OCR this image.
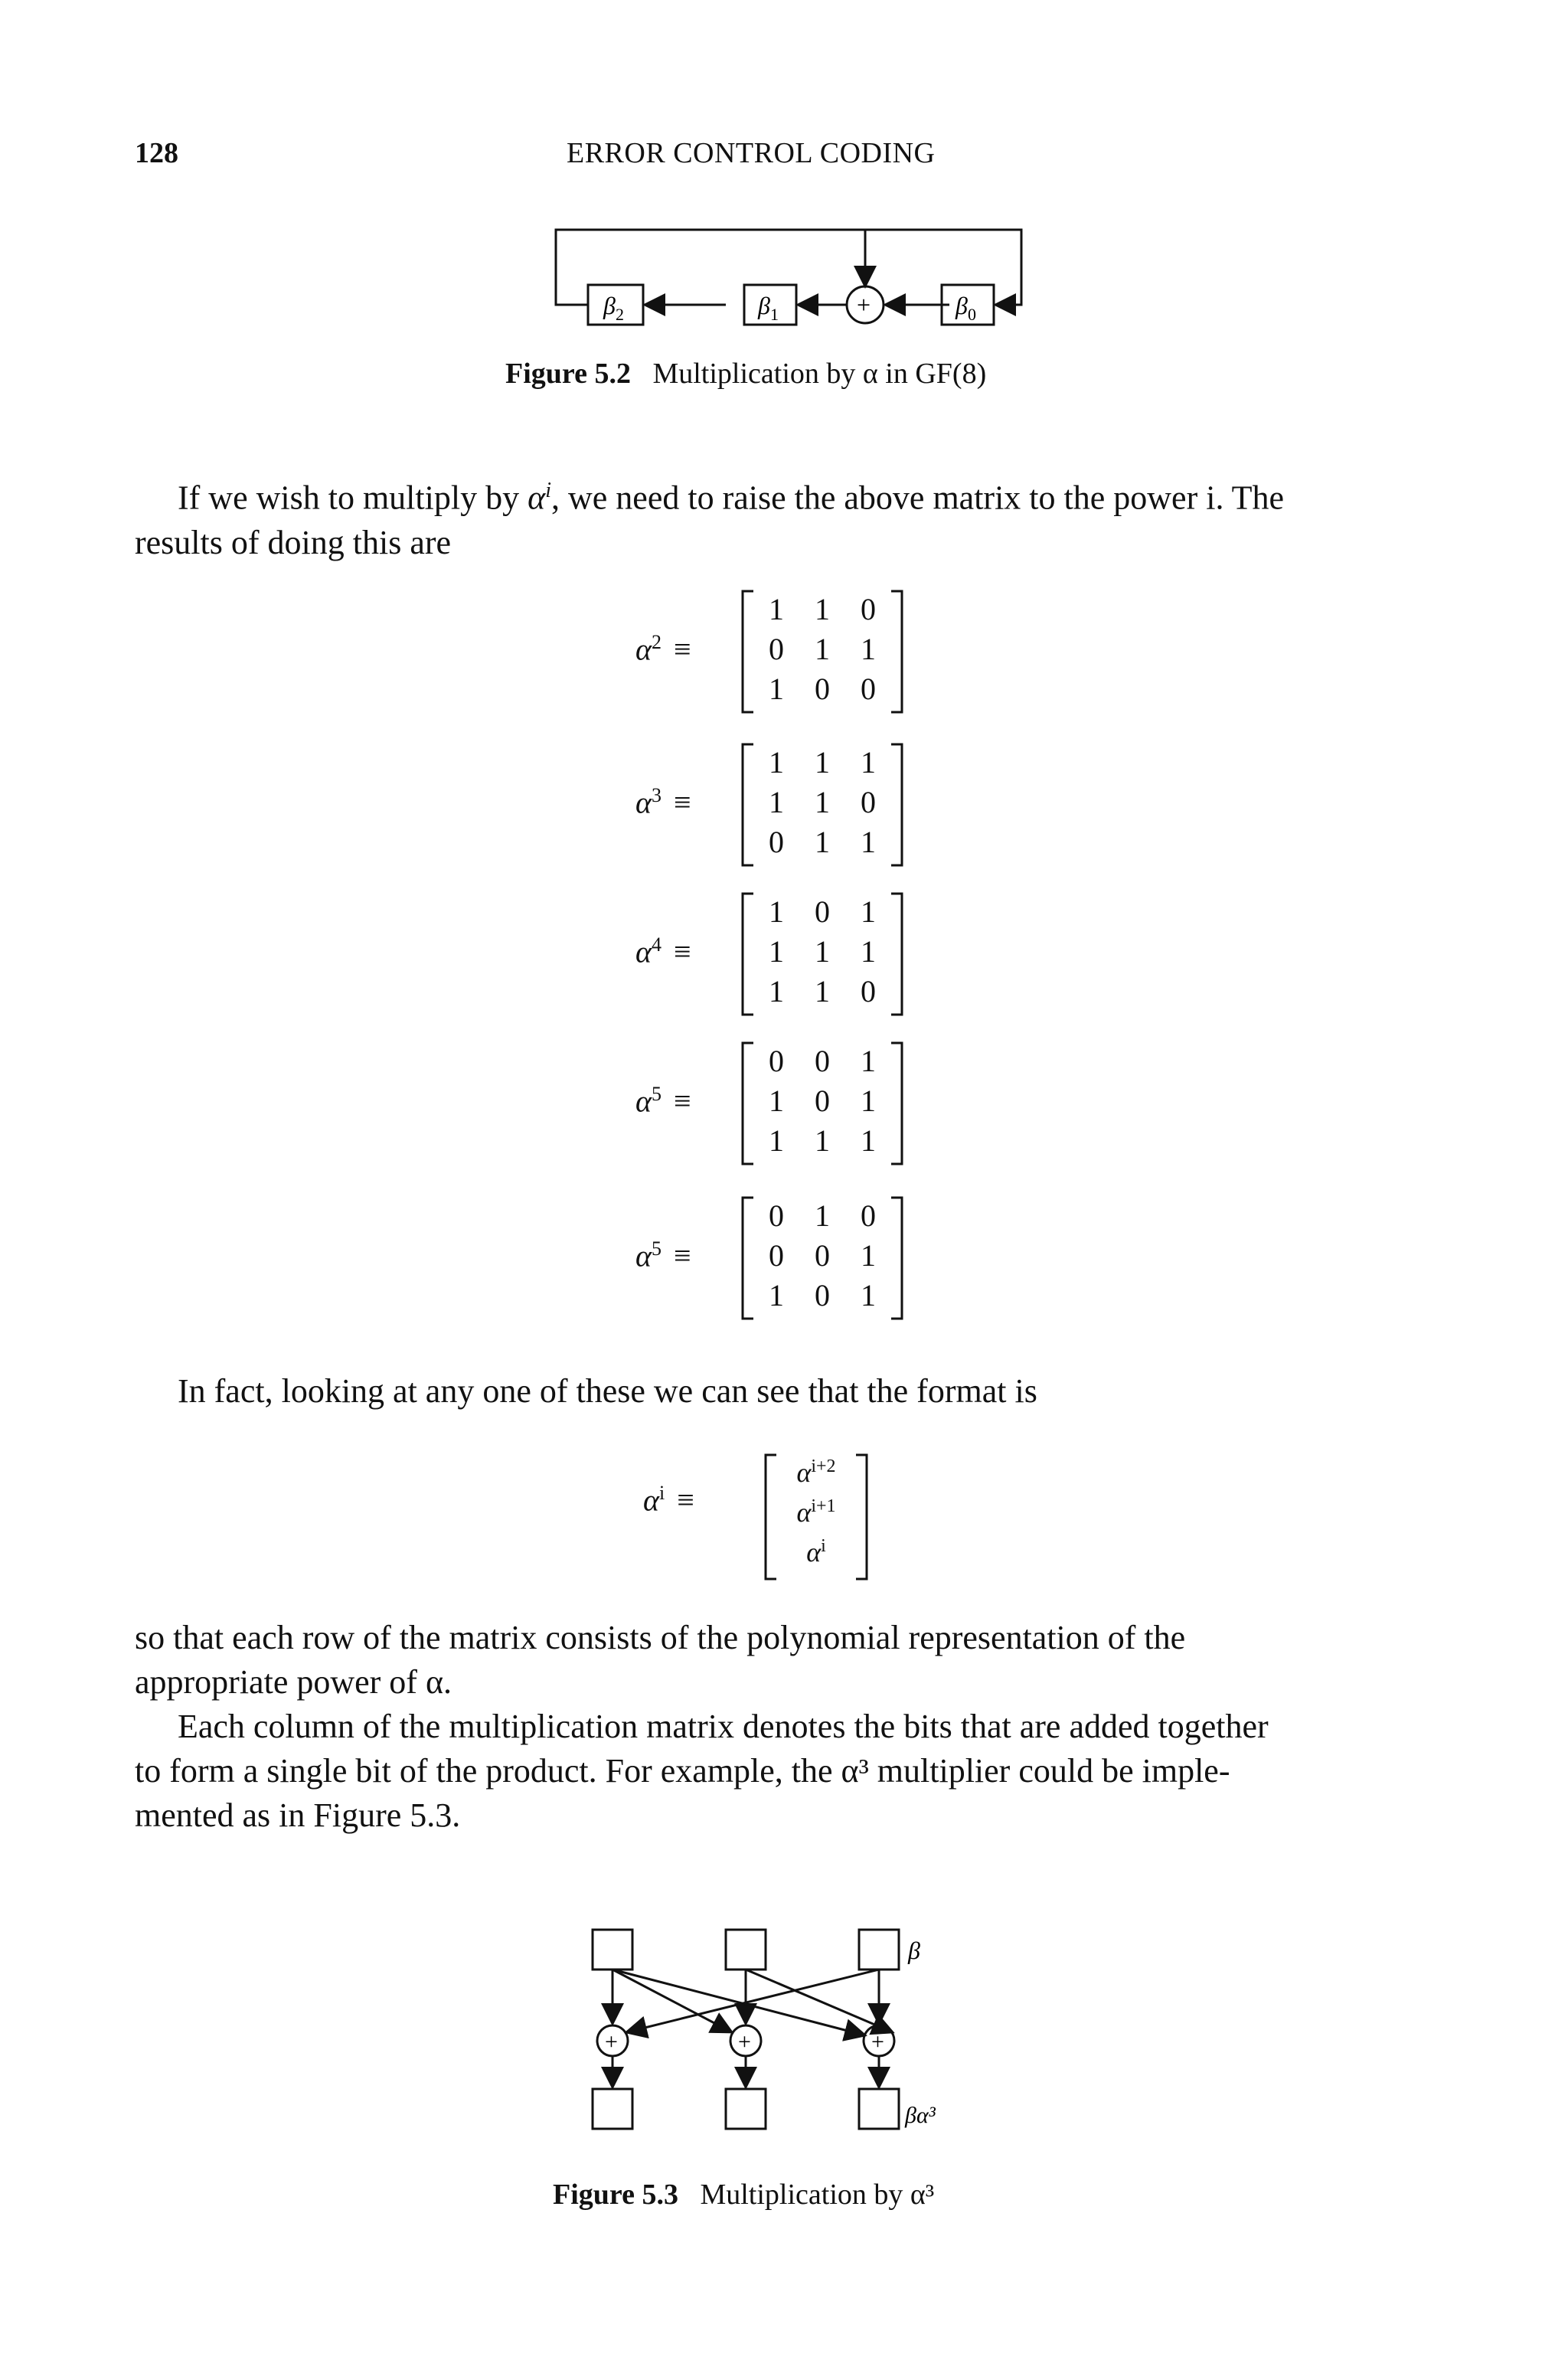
128	ERROR CONTROL CODING
$\beta_2$	$\beta_1$	$\beta_0$
+
Figure 5.2 Multiplication by α in GF(8)
If we wish to multiply by $\alpha^i$, we need to raise the above matrix to the power i. The
results of doing this are
$\alpha^2$ ≡
1	1	0
0	1	1
1	0	0
$\alpha^3$ ≡
1	1	1
1	1	0
0	1	1
$\alpha^4$ ≡
1	0	1
1	1	1
1	1	0
$\alpha^5$ ≡
0	0	1
1	0	1
1	1	1
$\alpha^5$ ≡
0	1	0
0	0	1
1	0	1
In fact, looking at any one of these we can see that the format is
$\alpha^i$ ≡
$\alpha^{i+2}$
$\alpha^{i+1}$
$\alpha^i$
so that each row of the matrix consists of the polynomial representation of the
appropriate power of α.
Each column of the multiplication matrix denotes the bits that are added together
to form a single bit of the product. For example, the α³ multiplier could be imple-
mented as in Figure 5.3.
+	+	+
β
βα³
Figure 5.3 Multiplication by α³
